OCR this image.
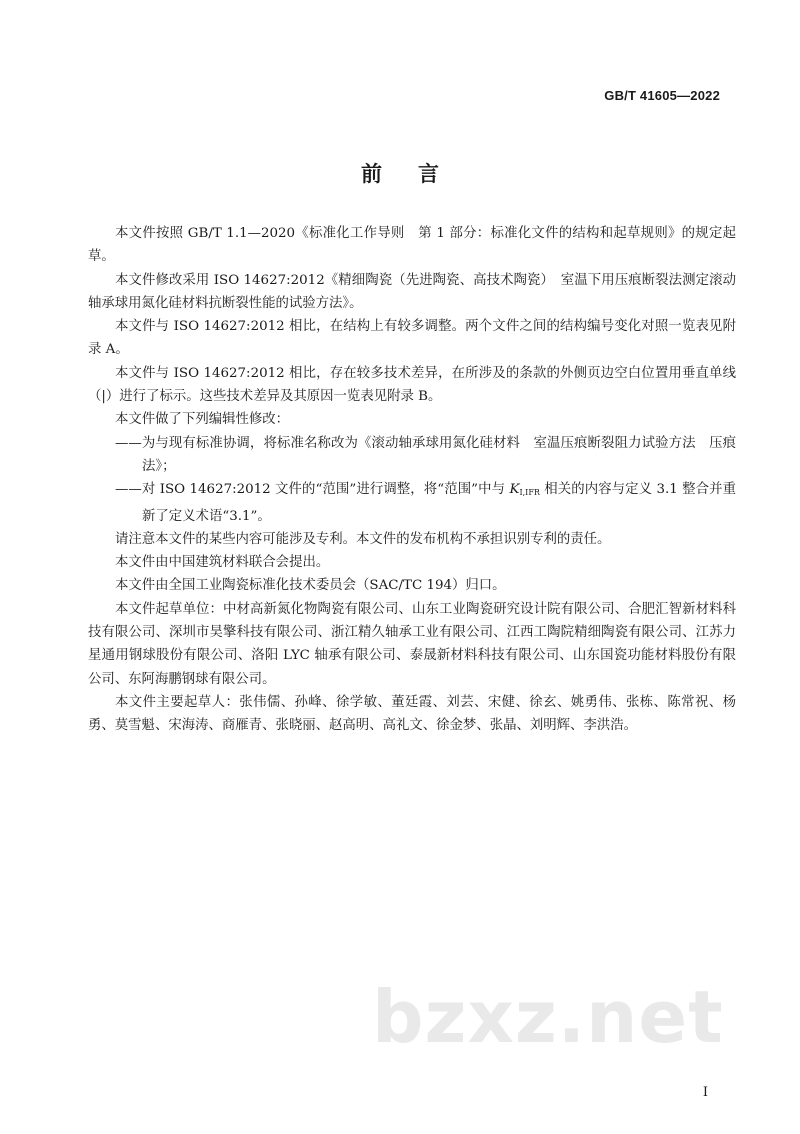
GB/T 41605—2022
前 言

本文件按照 GB/T 1.1—2020《标准化工作导则　第 1 部分：标准化文件的结构和起草规则》的规定起草。

本文件修改采用 ISO 14627:2012《精细陶瓷（先进陶瓷、高技术陶瓷）　室温下用压痕断裂法测定滚动轴承球用氮化硅材料抗断裂性能的试验方法》。

本文件与 ISO 14627:2012 相比，在结构上有较多调整。两个文件之间的结构编号变化对照一览表见附录 A。

本文件与 ISO 14627:2012 相比，存在较多技术差异，在所涉及的条款的外侧页边空白位置用垂直单线（|）进行了标示。这些技术差异及其原因一览表见附录 B。

本文件做了下列编辑性修改：

——为与现有标准协调，将标准名称改为《滚动轴承球用氮化硅材料　室温压痕断裂阻力试验方法　压痕法》；

——对 ISO 14627:2012 文件的“范围”进行调整，将“范围”中与 $K_{I,IFR}$ 相关的内容与定义 3.1 整合并重新了定义术语“3.1”。

请注意本文件的某些内容可能涉及专利。本文件的发布机构不承担识别专利的责任。

本文件由中国建筑材料联合会提出。

本文件由全国工业陶瓷标准化技术委员会（SAC/TC 194）归口。

本文件起草单位：中材高新氮化物陶瓷有限公司、山东工业陶瓷研究设计院有限公司、合肥汇智新材料科技有限公司、深圳市昊擎科技有限公司、浙江精久轴承工业有限公司、江西工陶院精细陶瓷有限公司、江苏力星通用钢球股份有限公司、洛阳 LYC 轴承有限公司、泰晟新材料科技有限公司、山东国瓷功能材料股份有限公司、东阿海鹏钢球有限公司。

本文件主要起草人：张伟儒、孙峰、徐学敏、董廷霞、刘芸、宋健、徐玄、姚勇伟、张栋、陈常祝、杨勇、莫雪魁、宋海涛、商雁青、张晓丽、赵高明、高礼文、徐金梦、张晶、刘明辉、李洪浩。

bzxz.net
I
